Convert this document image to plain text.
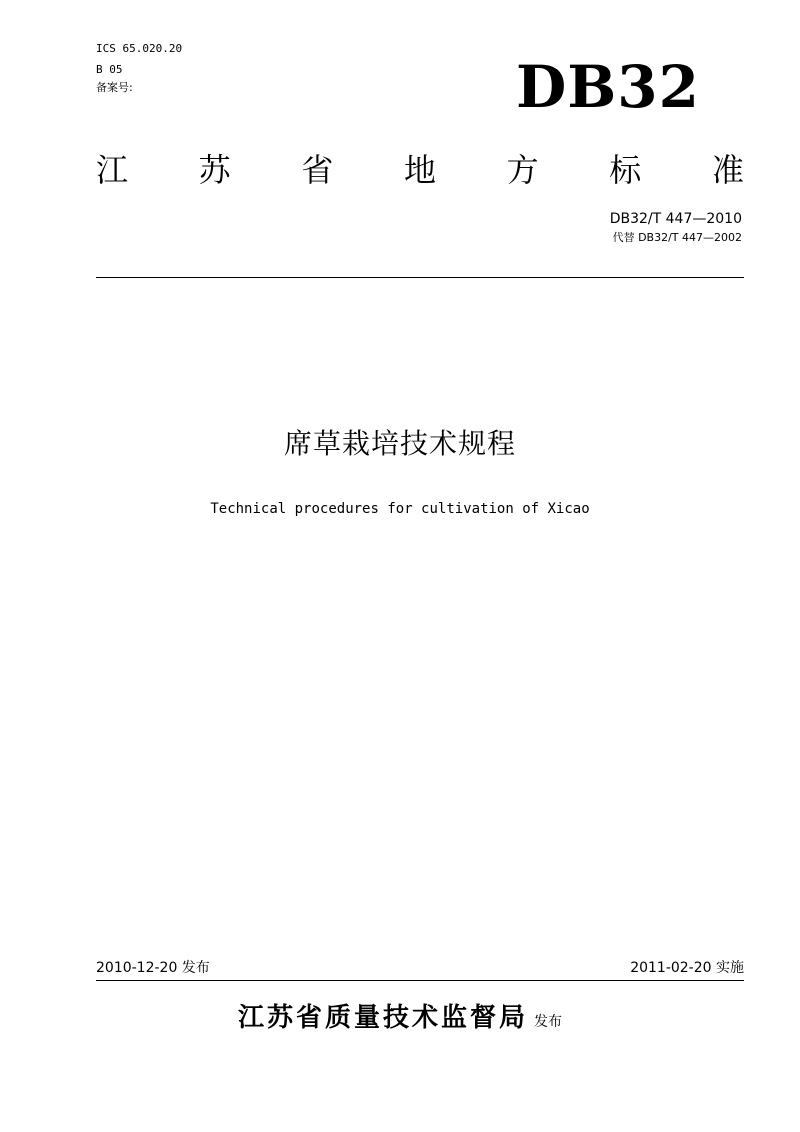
ICS 65.020.20
B 05
备案号:	DB32
江 苏 省 地 方 标 准
DB32/T 447—2010
代替 DB32/T 447—2002
席草栽培技术规程
Technical procedures for cultivation of Xicao
2010-12-20 发布	2011-02-20 实施
江苏省质量技术监督局 发布
